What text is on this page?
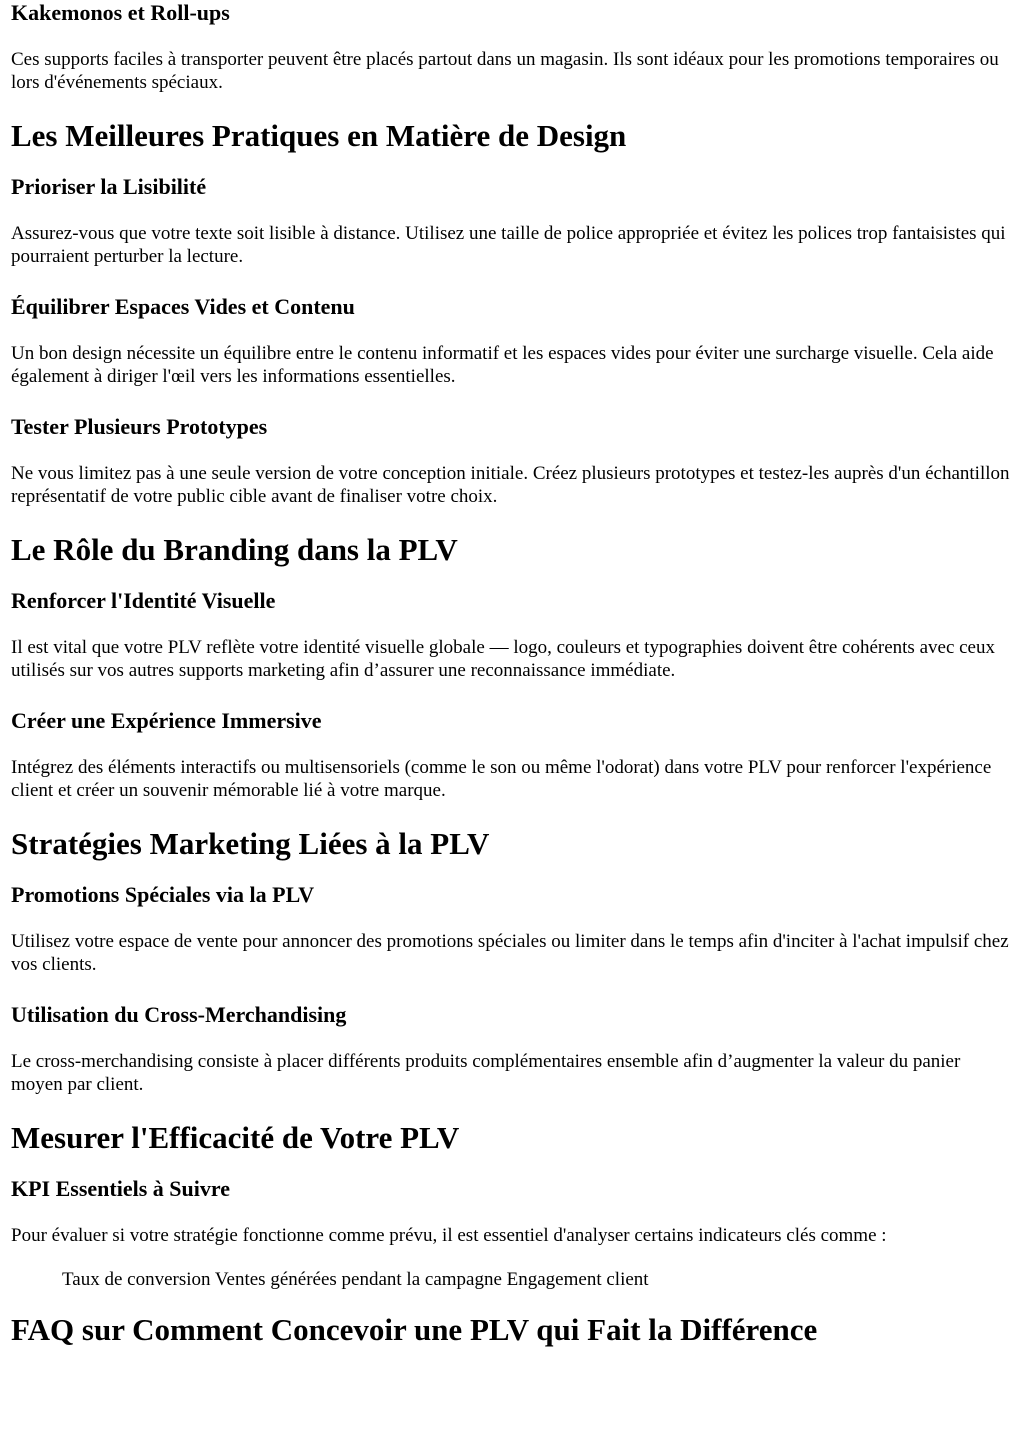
Kakemonos et Roll-ups

Ces supports faciles à transporter peuvent être placés partout dans un magasin. Ils sont idéaux pour les promotions temporaires ou lors d'événements spéciaux.

Les Meilleures Pratiques en Matière de Design
Prioriser la Lisibilité

Assurez-vous que votre texte soit lisible à distance. Utilisez une taille de police appropriée et évitez les polices trop fantaisistes qui pourraient perturber la lecture.

Équilibrer Espaces Vides et Contenu

Un bon design nécessite un équilibre entre le contenu informatif et les espaces vides pour éviter une surcharge visuelle. Cela aide également à diriger l'œil vers les informations essentielles.

Tester Plusieurs Prototypes

Ne vous limitez pas à une seule version de votre conception initiale. Créez plusieurs prototypes et testez-les auprès d'un échantillon représentatif de votre public cible avant de finaliser votre choix.

Le Rôle du Branding dans la PLV
Renforcer l'Identité Visuelle

Il est vital que votre PLV reflète votre identité visuelle globale — logo, couleurs et typographies doivent être cohérents avec ceux utilisés sur vos autres supports marketing afin d’assurer une reconnaissance immédiate.

Créer une Expérience Immersive

Intégrez des éléments interactifs ou multisensoriels (comme le son ou même l'odorat) dans votre PLV pour renforcer l'expérience client et créer un souvenir mémorable lié à votre marque.

Stratégies Marketing Liées à la PLV
Promotions Spéciales via la PLV

Utilisez votre espace de vente pour annoncer des promotions spéciales ou limiter dans le temps afin d'inciter à l'achat impulsif chez vos clients.

Utilisation du Cross-Merchandising

Le cross-merchandising consiste à placer différents produits complémentaires ensemble afin d’augmenter la valeur du panier moyen par client.

Mesurer l'Efficacité de Votre PLV
KPI Essentiels à Suivre

Pour évaluer si votre stratégie fonctionne comme prévu, il est essentiel d'analyser certains indicateurs clés comme :

Taux de conversion Ventes générées pendant la campagne Engagement client
FAQ sur Comment Concevoir une PLV qui Fait la Différence
